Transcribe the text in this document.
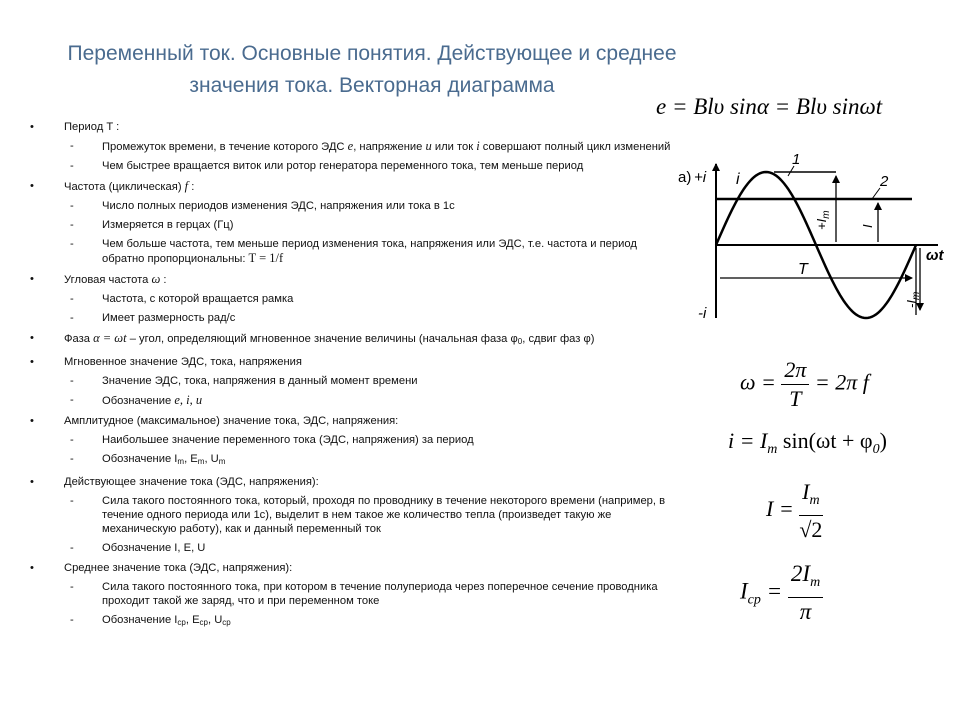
Переменный ток. Основные понятия. Действующее и среднее значения тока. Векторная диаграмма
•	Период T :
-	Промежуток времени, в течение которого ЭДС е, напряжение u или ток i совершают полный цикл изменений
-	Чем быстрее вращается виток или ротор генератора переменного тока, тем меньше период
•	Частота (циклическая) f :
-	Число полных периодов изменения ЭДС, напряжения или тока в 1с
-	Измеряется в герцах (Гц)
-	Чем больше частота, тем меньше период изменения тока, напряжения или ЭДС, т.е. частота и период обратно пропорциональны: T = 1/f
•	Угловая частота ω :
-	Частота, с которой вращается рамка
-	Имеет размерность рад/с
•	Фаза α = ωt – угол, определяющий мгновенное значение величины (начальная фаза $\varphi_0$, сдвиг фаз φ)
•	Мгновенное значение ЭДС, тока, напряжения
-	Значение ЭДС, тока, напряжения в данный момент времени
-	Обозначение e, i, u
•	Амплитудное (максимальное) значение тока, ЭДС, напряжения:
-	Наибольшее значение переменного тока (ЭДС, напряжения) за период
-	Обозначение $I_m$, $E_m$, $U_m$
•	Действующее значение тока (ЭДС, напряжения):
-	Сила такого постоянного тока, который, проходя по проводнику в течение некоторого времени (например, в течение одного периода или 1с), выделит в нем такое же количество тепла (произведет такую же механическую работу), как и данный переменный ток
-	Обозначение I, E, U
•	Среднее значение тока (ЭДС, напряжения):
-	Сила такого постоянного тока, при котором в течение полупериода через поперечное сечение проводника проходит такой же заряд, что и при переменном токе
-	Обозначение $I_{ср}$, $E_{ср}$, $U_{ср}$
e = Blυ sinα = Blυ sinωt
a) +i
-i
i
1
2
$+I_m$
I
T
ωt
$-I_m$
$\omega = \frac{2\pi}{T} = 2\pi$ f
$i = I_m$ $\sin(\omega t + \varphi_0)$
$I = \frac{I_m}{√2}$
$I_{ср} = \frac{2I_m}{\pi}$
